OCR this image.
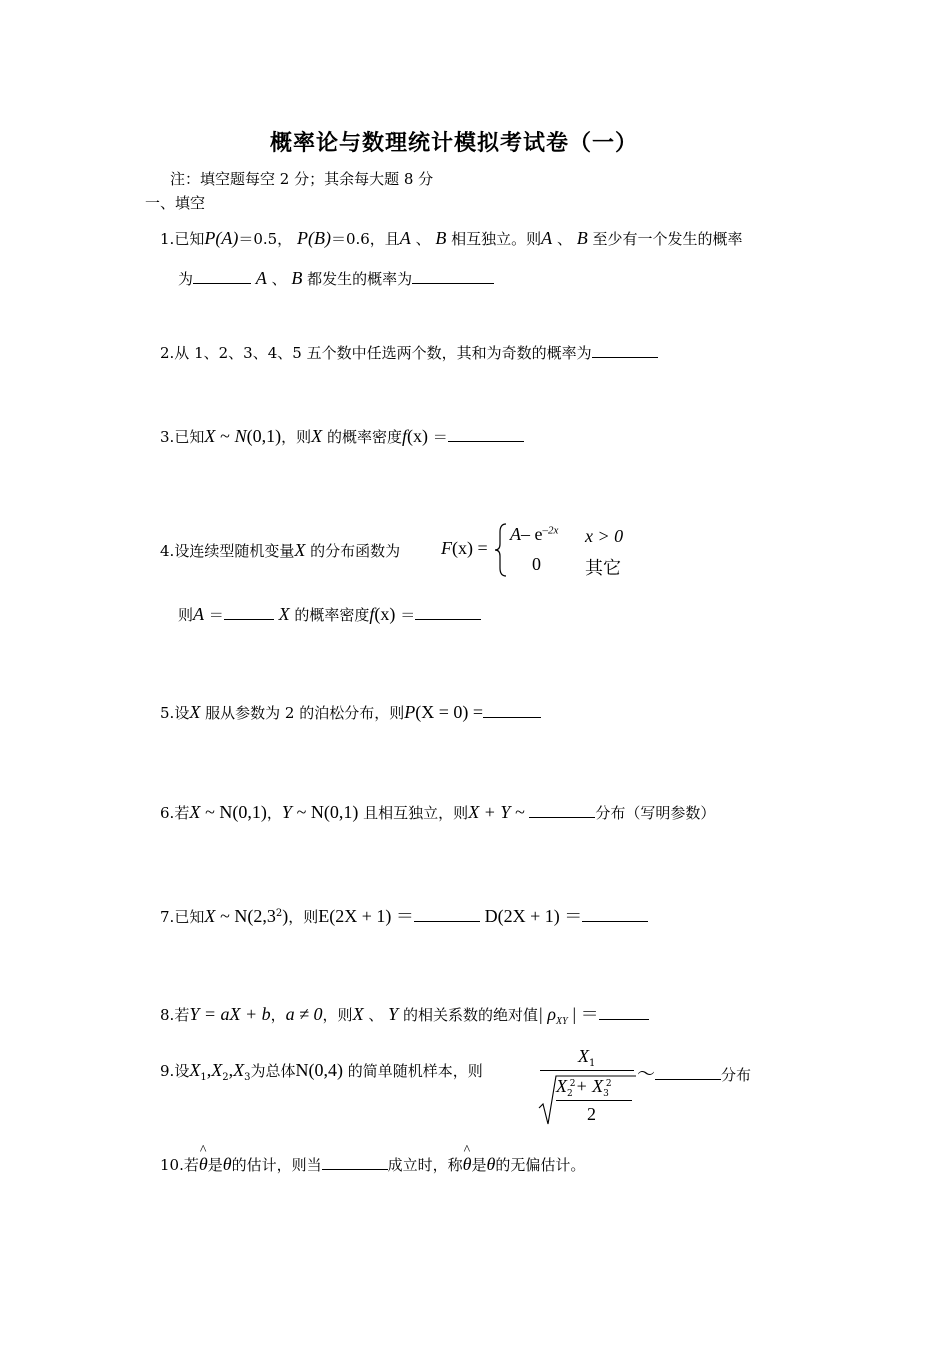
概率论与数理统计模拟考试卷（一）
注：填空题每空 2 分；其余每大题 8 分
一、填空
1.已知P(A)＝0.5， P(B)＝0.6，且A 、 B 相互独立。则A 、 B 至少有一个发生的概率
为	A 、 B 都发生的概率为
2.从 1、2、3、4、5 五个数中任选两个数，其和为奇数的概率为
3.已知X ~ N(0,1)，则X 的概率密度f(x) ＝
4.设连续型随机变量X 的分布函数为 F(x) =
A– $e^{-2x}$ x > 0
0 其它
则A ＝	X 的概率密度f(x) ＝
5.设X 服从参数为 2 的泊松分布，则P(X = 0) =
6.若X ~ N(0,1)，Y ~ N(0,1) 且相互独立，则X + Y ~	分布（写明参数）
7.已知X ~ $N(2,3^2)$，则E(2X + 1) ＝	D(2X + 1) ＝
8.若Y = aX + b，a ≠ 0，则X 、 Y 的相关系数的绝对值| $\rho_{XY}$ | ＝
9.设$X_1,X_2,X_3$为总体N(0,4) 的简单随机样本，则
$X_1$
$X_2^2+ X_3^2$
2
～	分布
10.若θ
^
是θ的估计，则当	成立时，称θ
^
是θ的无偏估计。
